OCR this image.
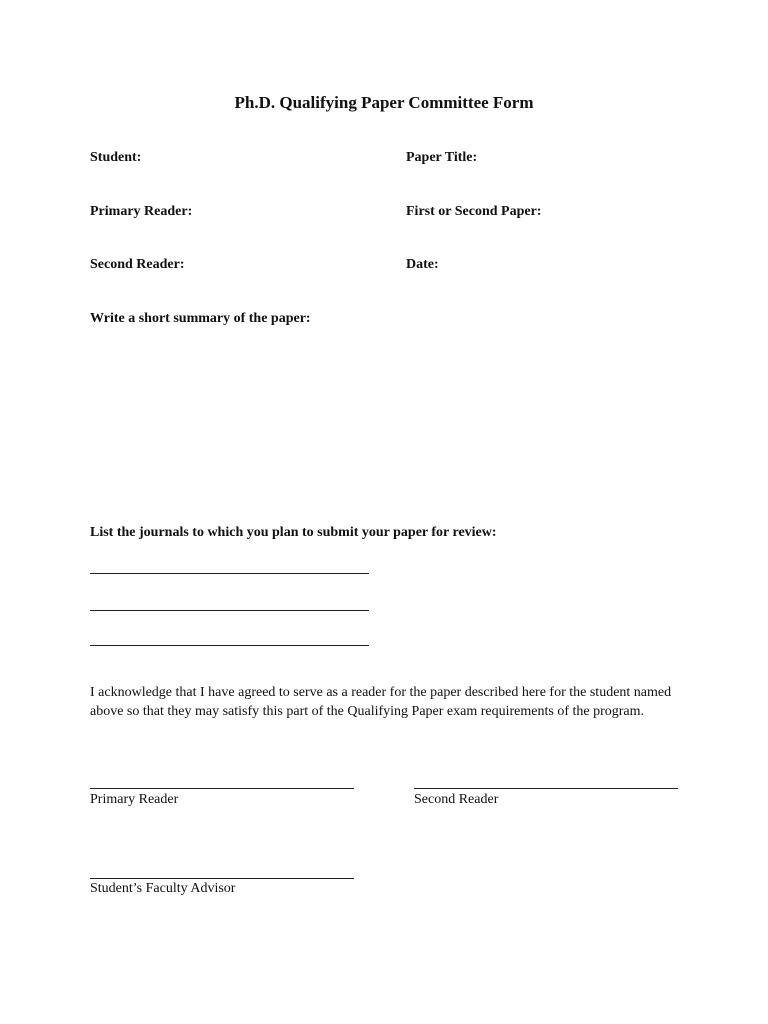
Ph.D. Qualifying Paper Committee Form
Student:
Primary Reader:
Second Reader:
Paper Title:
First or Second Paper:
Date:
Write a short summary of the paper:
List the journals to which you plan to submit your paper for review:
I acknowledge that I have agreed to serve as a reader for the paper described here for the student named above so that they may satisfy this part of the Qualifying Paper exam requirements of the program.
Primary Reader	Second Reader
Student’s Faculty Advisor
